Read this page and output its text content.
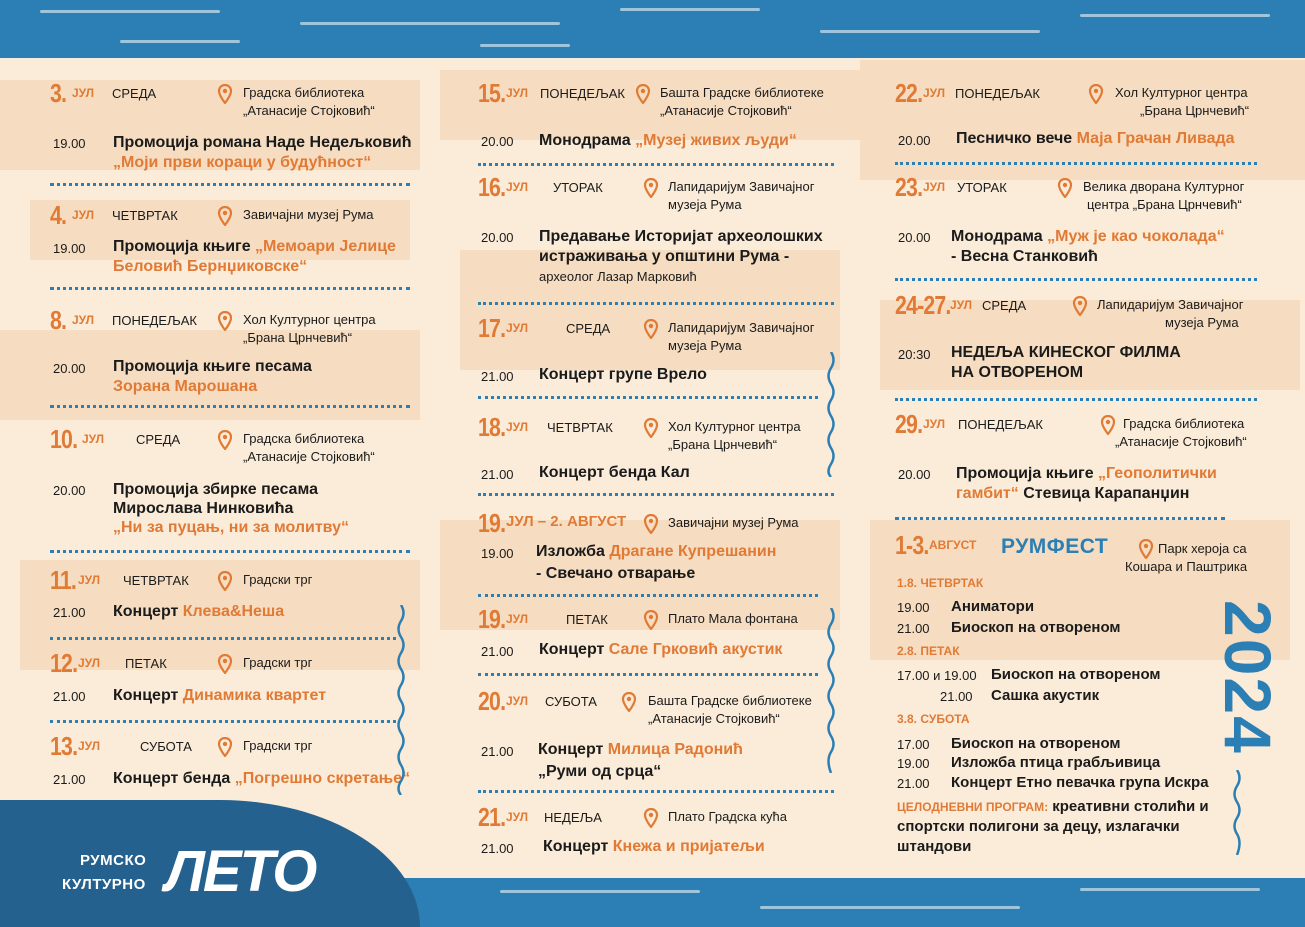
3. ЈУЛ СРЕДА	Градска библиотека
„Атанасије Стојковић“
19.00 Промоција романа Наде Недељковић
„Моји први кораци у будућност“
4. ЈУЛ ЧЕТВРТАК	Завичајни музеј Рума
19.00 Промоција књиге „Мемоари Јелице
Беловић Бернџиковске“
8. ЈУЛ ПОНЕДЕЉАК	Хол Културног центра
„Брана Црнчевић“
20.00 Промоција књиге песама
Зорана Марошана
10. ЈУЛ СРЕДА	Градска библиотека
„Атанасије Стојковић“
20.00 Промоција збирке песама
Мирослава Нинковића
„Ни за пуцањ, ни за молитву“
11. ЈУЛ ЧЕТВРТАК	Градски трг
21.00 Концерт Клева&Неша
12. ЈУЛ ПЕТАК	Градски трг
21.00 Концерт Динамика квартет
13. ЈУЛ	СУБОТА	Градски трг
21.00 Концерт бенда „Погрешно скретање“
15. ЈУЛ ПОНЕДЕЉАК	Башта Градске библиотеке
„Атанасије Стојковић“
20.00 Монодрама „Музеј живих људи“
16. ЈУЛ УТОРАК	Лапидаријум Завичајног
музеја Рума
20.00 Предавање Историјат археолошких
истраживања у општини Рума -
археолог Лазар Марковић
17. ЈУЛ	СРЕДА	Лапидаријум Завичајног
музеја Рума
21.00 Концерт групе Врело
18. ЈУЛ ЧЕТВРТАК	Хол Културног центра
„Брана Црнчевић“
21.00 Концерт бенда Кал
19. ЈУЛ – 2. АВГУСТ	Завичајни музеј Рума
19.00 Изложба Драгане Купрешанин
- Свечано отварање
19. ЈУЛ	ПЕТАК	Плато Мала фонтана
21.00 Концерт Сале Грковић акустик
20. ЈУЛ СУБОТА	Башта Градске библиотеке
„Атанасије Стојковић“
21.00 Концерт Милица Радонић
„Руми од срца“
21. ЈУЛ НЕДЕЉА	Плато Градска кућа
21.00 Концерт Кнежа и пријатељи
22. ЈУЛ ПОНЕДЕЉАК	Хол Културног центра
„Брана Црнчевић“
20.00 Песничко вече Маја Грачан Ливада
23. ЈУЛ УТОРАК	Велика дворана Културног
центра „Брана Црнчевић“
20.00 Монодрама „Муж је као чоколада“
- Весна Станковић
24-27. ЈУЛ СРЕДА	Лапидаријум Завичајног
музеја Рума
20:30 НЕДЕЉА КИНЕСКОГ ФИЛМА
НА ОТВОРЕНОМ
29. ЈУЛ ПОНЕДЕЉАК	Градска библиотека
„Атанасије Стојковић“
20.00 Промоција књиге „Геополитички
гамбит“ Стевица Карапанџин
1-3. АВГУСТ РУМФЕСТ	Парк хероја са
Кошара и Паштрика
1.8. ЧЕТВРТАК
19.00 Аниматори
21.00 Биоскоп на отвореном
2.8. ПЕТАК
17.00 и 19.00 Биоскоп на отвореном
21.00 Сашка акустик
3.8. СУБОТА
17.00 Биоскоп на отвореном
19.00 Изложба птица грабљивица
21.00 Концерт Етно певачка група Искра
ЦЕЛОДНЕВНИ ПРОГРАМ: креативни столићи и
спортски полигони за децу, излагачки
штандови
2024
РУМСКО
КУЛТУРНО ЛЕТО
